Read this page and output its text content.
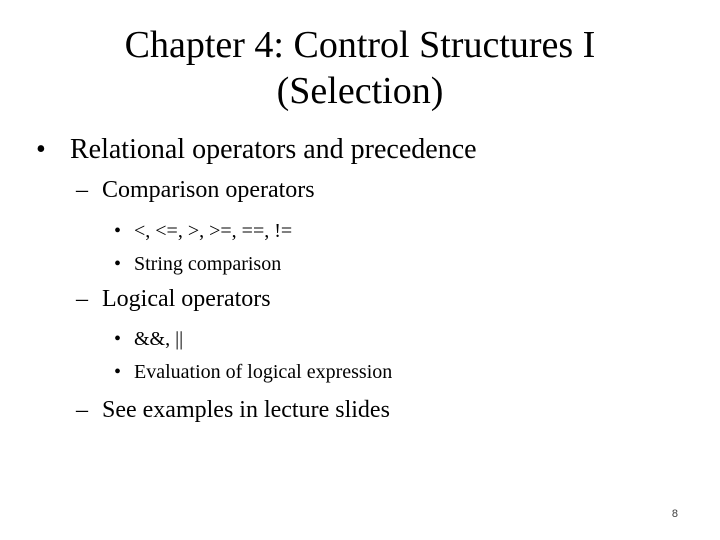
Chapter 4: Control Structures I
(Selection)
• Relational operators and precedence
– Comparison operators
• <, <=, >, >=, ==, !=
• String comparison
– Logical operators
• &&, ||
• Evaluation of logical expression
– See examples in lecture slides
8
